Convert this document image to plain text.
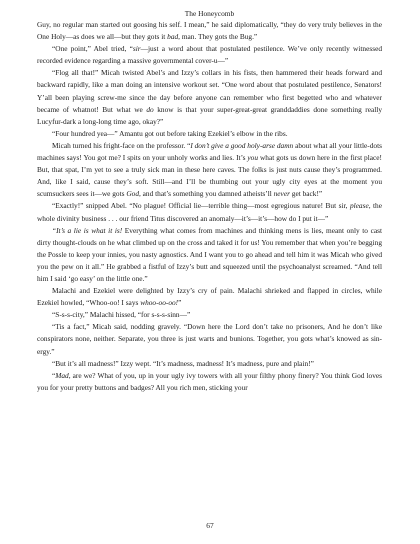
The Honeycomb

Guy, no regular man started out goosing his self. I mean,” he said diplomatically, “they do very truly believes in the One Holy—as does we all—but they gots it bad, man. They gots the Bug.”

“One point,” Abel tried, “sir—just a word about that postulated pestilence. We’ve only recently witnessed recorded evidence regarding a massive governmental cover-u—”

“Flog all that!” Micah twisted Abel’s and Izzy’s collars in his fists, then hammered their heads forward and backward rapidly, like a man doing an intensive workout set. “One word about that postulated pestilence, Senators! Y’all been playing screw-me since the day before anyone can remember who first begetted who and whatever became of whatnot! But what we do know is that your super-great-great granddaddies done something really Lucyfur-dark a long-long time ago, okay?”

“Four hundred yea—” Amantu got out before taking Ezekiel’s elbow in the ribs.

Micah turned his fright-face on the professor. “I don’t give a good holy-arse damn about what all your little-dots machines says! You got me? I spits on your unholy works and lies. It’s you what gots us down here in the first place! But, that spat, I’m yet to see a truly sick man in these here caves. The folks is just nuts cause they’s programmed. And, like I said, cause they’s soft. Still—and I’ll be thumbing out your ugly city eyes at the moment you scumsuckers sees it—we gots God, and that’s something you damned atheists’ll never get back!”

“Exactly!” snipped Abel. “No plague! Official lie—terrible thing—most egregious nature! But sir, please, the whole divinity business . . . our friend Titus discovered an anomaly—it’s—it’s—how do I put it—”

“It’s a lie is what it is! Everything what comes from machines and thinking mens is lies, meant only to cast dirty thought-clouds on he what climbed up on the cross and taked it for us! You remember that when you’re begging the Possle to keep your innies, you nasty agnostics. And I want you to go ahead and tell him it was Micah who gived you the pew on it all.” He grabbed a fistful of Izzy’s butt and squeezed until the psychoanalyst screamed. “And tell him I said ‘go easy’ on the little one.”

Malachi and Ezekiel were delighted by Izzy’s cry of pain. Malachi shrieked and flapped in circles, while Ezekiel howled, “Whoo-oo! I says whoo-oo-oo!”

“S-s-s-city,” Malachi hissed, “for s-s-s-sinn—”

“Tis a fact,” Micah said, nodding gravely. “Down here the Lord don’t take no prisoners, And he don’t like conspirators none, neither. Separate, you three is just warts and bunions. Together, you gots what’s knowed as sin-ergy.”

“But it’s all madness!” Izzy wept. “It’s madness, madness! It’s madness, pure and plain!”

“Mad, are we? What of you, up in your ugly ivy towers with all your filthy phony finery? You think God loves you for your pretty buttons and badges? All you rich men, sticking your

67
